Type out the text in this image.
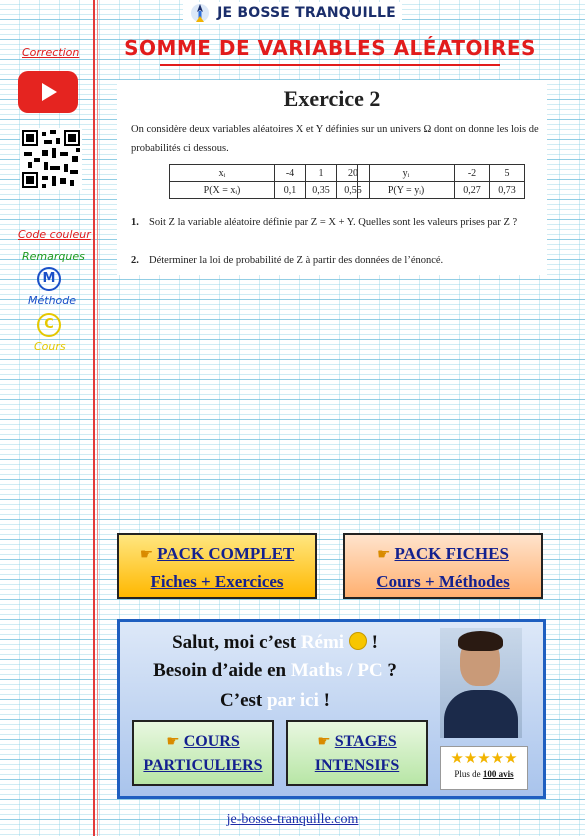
JE BOSSE TRANQUILLE
SOMME DE VARIABLES ALÉATOIRES
Correction
Code couleur
Remarques
M
Méthode
C
Cours
Exercice 2
On considère deux variables aléatoires X et Y définies sur un univers Ω dont on donne les lois de probabilités ci dessous.
xᵢ	-4	1	20
P(X = xᵢ)	0,1	0,35	0,55
yᵢ	-2	5
P(Y = yᵢ)	0,27	0,73
1. Soit Z la variable aléatoire définie par Z = X + Y. Quelles sont les valeurs prises par Z ?
2. Déterminer la loi de probabilité de Z à partir des données de l’énoncé.
☛ PACK COMPLET
Fiches + Exercices
☛ PACK FICHES
Cours + Méthodes
Salut, moi c’est Rémi  !
Besoin d’aide en Maths / PC ?
C’est par ici !
★★★★★
Plus de 100 avis
☛ COURS
PARTICULIERS
☛ STAGES
INTENSIFS
je-bosse-tranquille.com
